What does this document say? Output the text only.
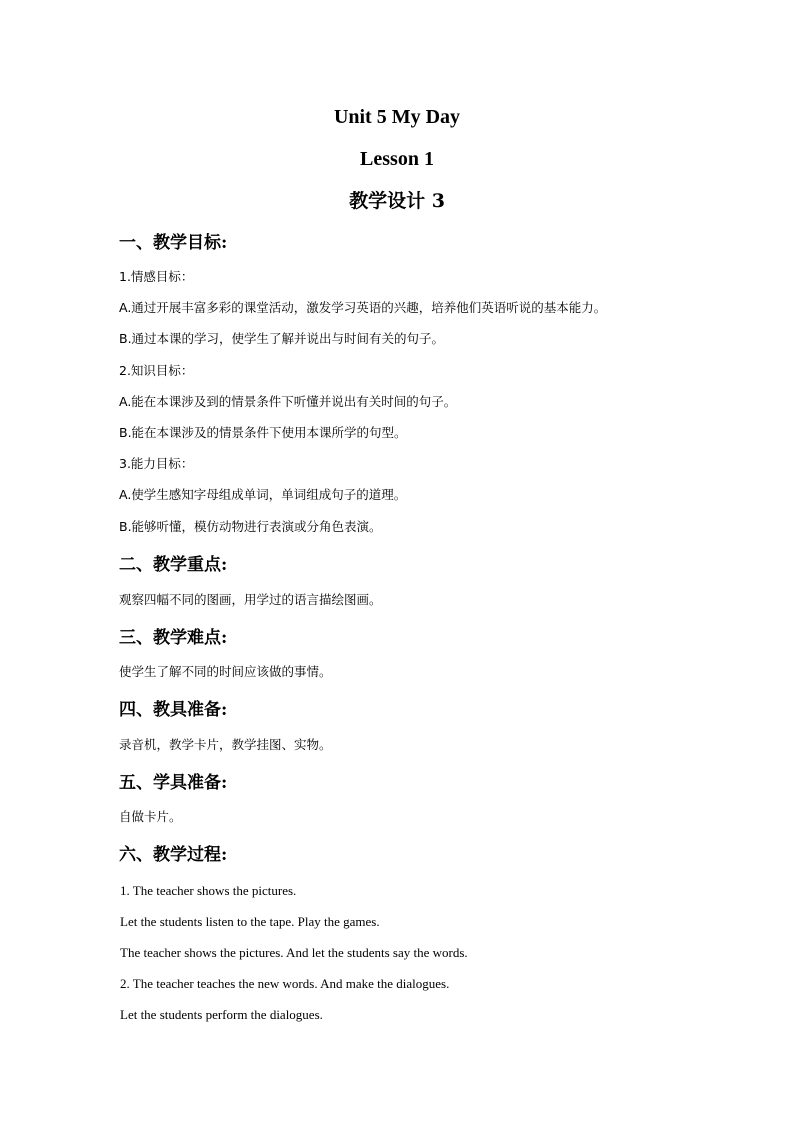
Unit 5 My Day
Lesson 1
教学设计 3
一、教学目标:
1.情感目标：
A.通过开展丰富多彩的课堂活动，激发学习英语的兴趣，培养他们英语听说的基本能力。
B.通过本课的学习，使学生了解并说出与时间有关的句子。
2.知识目标：
A.能在本课涉及到的情景条件下听懂并说出有关时间的句子。
B.能在本课涉及的情景条件下使用本课所学的句型。
3.能力目标：
A.使学生感知字母组成单词，单词组成句子的道理。
B.能够听懂，模仿动物进行表演或分角色表演。
二、教学重点:
观察四幅不同的图画，用学过的语言描绘图画。
三、教学难点:
使学生了解不同的时间应该做的事情。
四、教具准备:
录音机，教学卡片，教学挂图、实物。
五、学具准备:
自做卡片。
六、教学过程:
1. The teacher shows the pictures.
Let the students listen to the tape. Play the games.
The teacher shows the pictures. And let the students say the words.
2. The teacher teaches the new words. And make the dialogues.
Let the students perform the dialogues.
